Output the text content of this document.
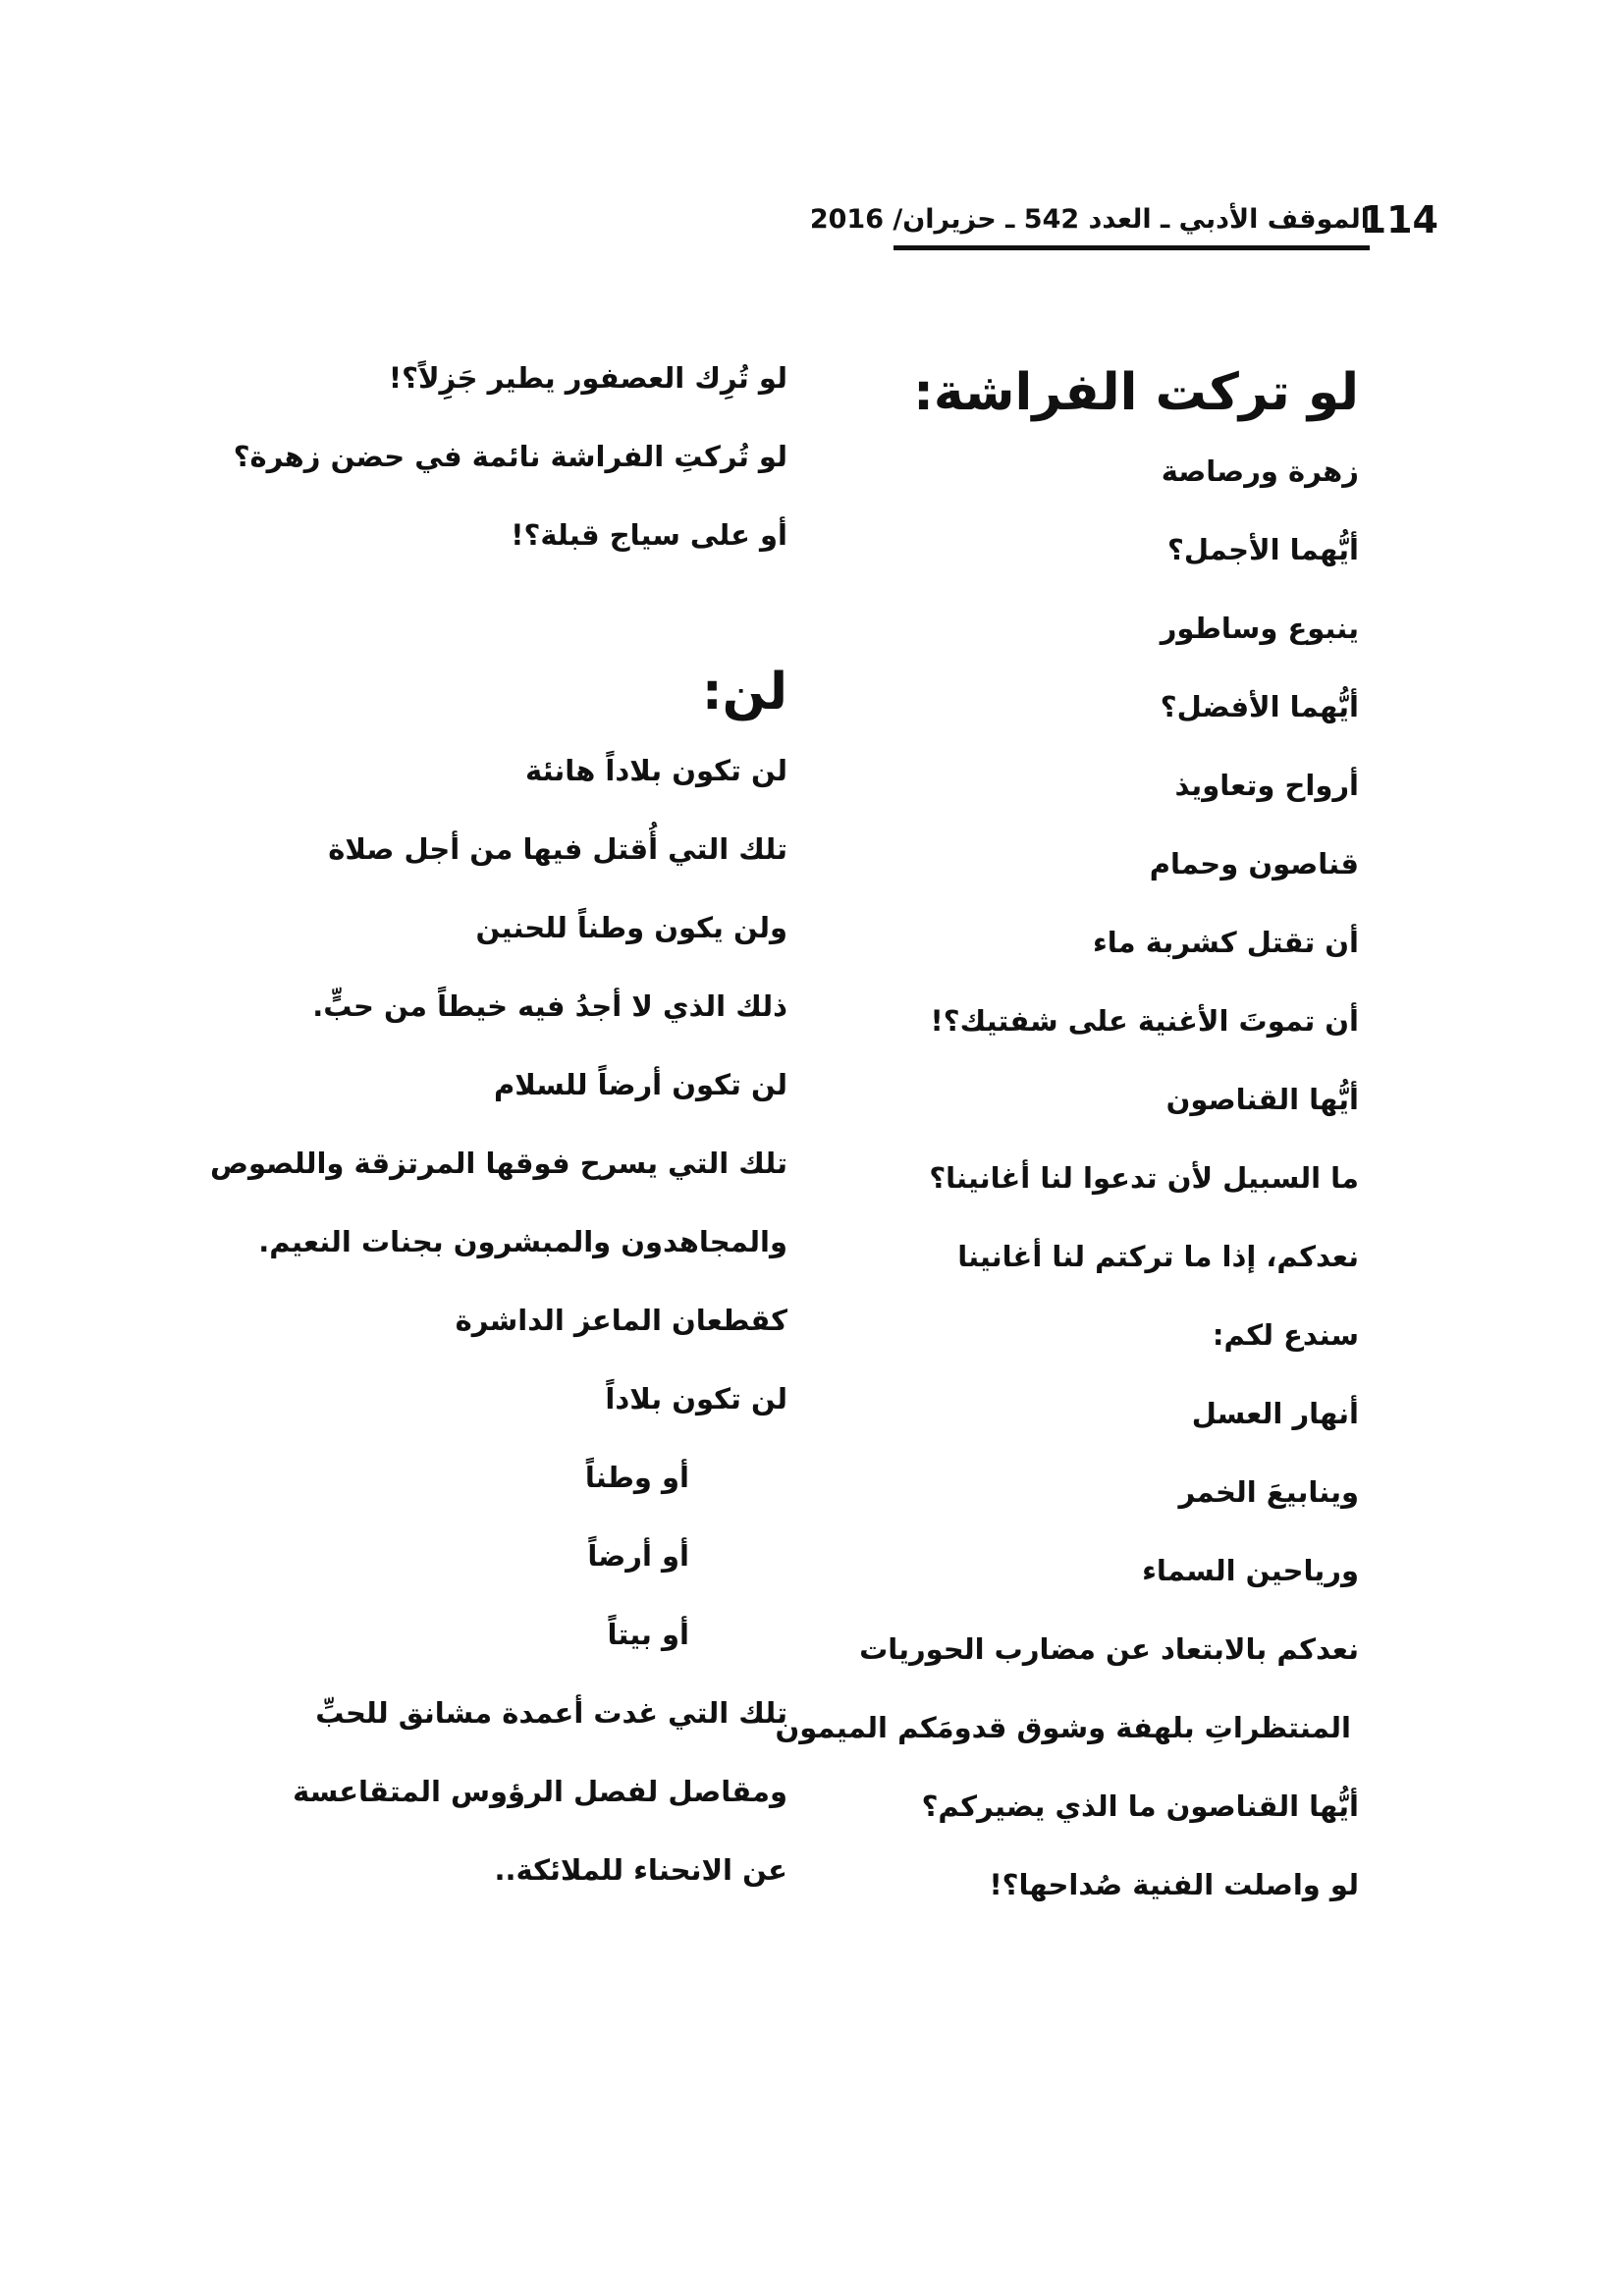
114
الموقف الأدبي ـ العدد 542 ـ حزيران/ 2016
لو تركت الفراشة:
زهرة ورصاصة
أيُّهما الأجمل؟
ينبوع وساطور
أيُّهما الأفضل؟
أرواح وتعاويذ
قناصون وحمام
أن تقتل كشربة ماء
أن تموتَ الأغنية على شفتيك؟!
أيُّها القناصون
ما السبيل لأن تدعوا لنا أغانينا؟
نعدكم، إذا ما تركتم لنا أغانينا
سندع لكم:
أنهار العسل
وينابيعَ الخمر
ورياحين السماء
نعدكم بالابتعاد عن مضارب الحوريات
المنتظراتِ بلهفة وشوق قدومَكم الميمون
أيُّها القناصون ما الذي يضيركم؟
لو واصلت الفنية صُداحها؟!
لو تُرِك العصفور يطير جَزِلاً؟!
لو تُركتِ الفراشة نائمة في حضن زهرة؟
أو على سياج قبلة؟!
لن:
لن تكون بلاداً هانئة
تلك التي أُقتل فيها من أجل صلاة
ولن يكون وطناً للحنين
ذلك الذي لا أجدُ فيه خيطاً من حبٍّ.
لن تكون أرضاً للسلام
تلك التي يسرح فوقها المرتزقة واللصوص
والمجاهدون والمبشرون بجنات النعيم.
كقطعان الماعز الداشرة
لن تكون بلاداً
أو وطناً
أو أرضاً
أو بيتاً
تلك التي غدت أعمدة مشانق للحبِّ
ومقاصل لفصل الرؤوس المتقاعسة
عن الانحناء للملائكة..
